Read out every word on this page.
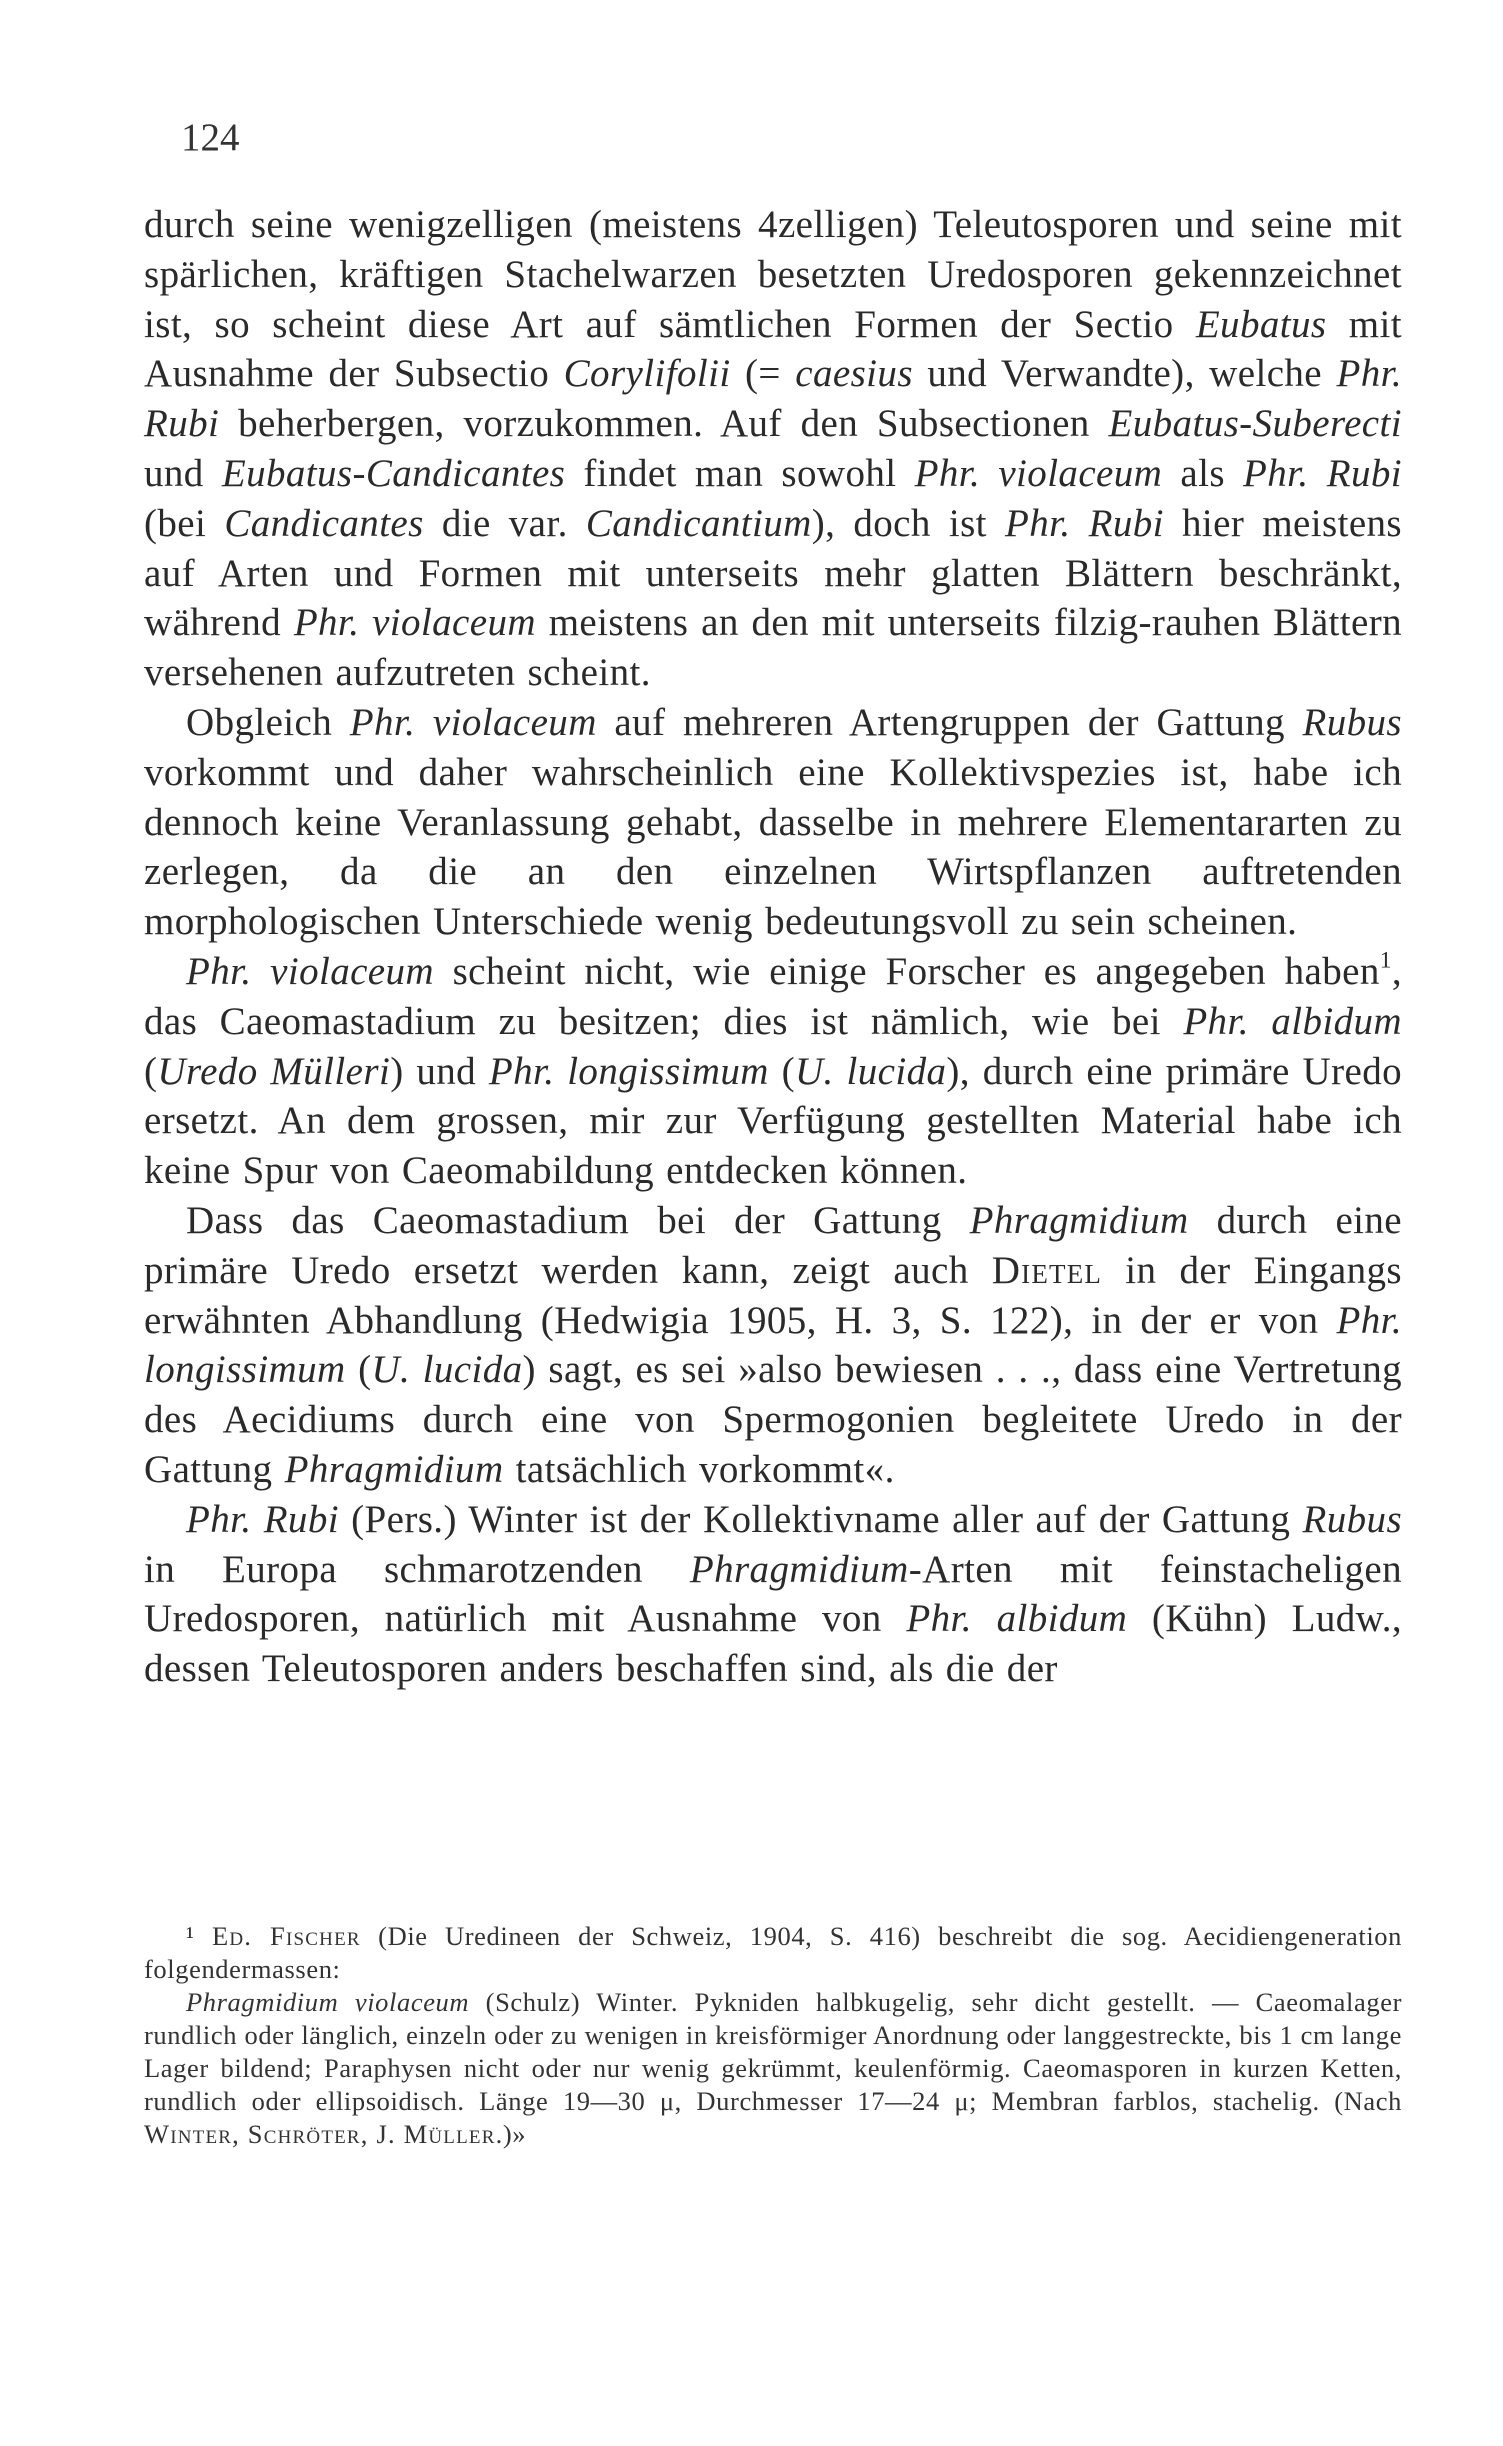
124

durch seine wenigzelligen (meistens 4zelligen) Teleutosporen und seine mit spärlichen, kräftigen Stachelwarzen besetzten Uredosporen gekennzeichnet ist, so scheint diese Art auf sämtlichen Formen der Sectio Eubatus mit Ausnahme der Subsectio Corylifolii (= caesius und Verwandte), welche Phr. Rubi beherbergen, vorzukommen. Auf den Subsectionen Eubatus-Suberecti und Eubatus-Candicantes findet man sowohl Phr. violaceum als Phr. Rubi (bei Candicantes die var. Candicantium), doch ist Phr. Rubi hier meistens auf Arten und Formen mit unterseits mehr glatten Blättern beschränkt, während Phr. violaceum meistens an den mit unterseits filzig-rauhen Blättern versehenen aufzutreten scheint.

Obgleich Phr. violaceum auf mehreren Artengruppen der Gattung Rubus vorkommt und daher wahrscheinlich eine Kollektivspezies ist, habe ich dennoch keine Veranlassung gehabt, dasselbe in mehrere Elementararten zu zerlegen, da die an den einzelnen Wirtspflanzen auftretenden morphologischen Unterschiede wenig bedeutungsvoll zu sein scheinen.

Phr. violaceum scheint nicht, wie einige Forscher es angegeben haben$^1$, das Caeomastadium zu besitzen; dies ist nämlich, wie bei Phr. albidum (Uredo Mülleri) und Phr. longissimum (U. lucida), durch eine primäre Uredo ersetzt. An dem grossen, mir zur Verfügung gestellten Material habe ich keine Spur von Caeomabildung entdecken können.

Dass das Caeomastadium bei der Gattung Phragmidium durch eine primäre Uredo ersetzt werden kann, zeigt auch Dietel in der Eingangs erwähnten Abhandlung (Hedwigia 1905, H. 3, S. 122), in der er von Phr. longissimum (U. lucida) sagt, es sei »also bewiesen . . ., dass eine Vertretung des Aecidiums durch eine von Spermogonien begleitete Uredo in der Gattung Phragmidium tatsächlich vorkommt«.

Phr. Rubi (Pers.) Winter ist der Kollektivname aller auf der Gattung Rubus in Europa schmarotzenden Phragmidium-Arten mit feinstacheligen Uredosporen, natürlich mit Ausnahme von Phr. albidum (Kühn) Ludw., dessen Teleutosporen anders beschaffen sind, als die der

¹ Ed. Fischer (Die Uredineen der Schweiz, 1904, S. 416) beschreibt die sog. Aecidiengeneration folgendermassen:

Phragmidium violaceum (Schulz) Winter. Pykniden halbkugelig, sehr dicht gestellt. — Caeomalager rundlich oder länglich, einzeln oder zu wenigen in kreisförmiger Anordnung oder langgestreckte, bis 1 cm lange Lager bildend; Paraphysen nicht oder nur wenig gekrümmt, keulenförmig. Caeomasporen in kurzen Ketten, rundlich oder ellipsoidisch. Länge 19—30 μ, Durchmesser 17—24 μ; Membran farblos, stachelig. (Nach Winter, Schröter, J. Müller.)»
